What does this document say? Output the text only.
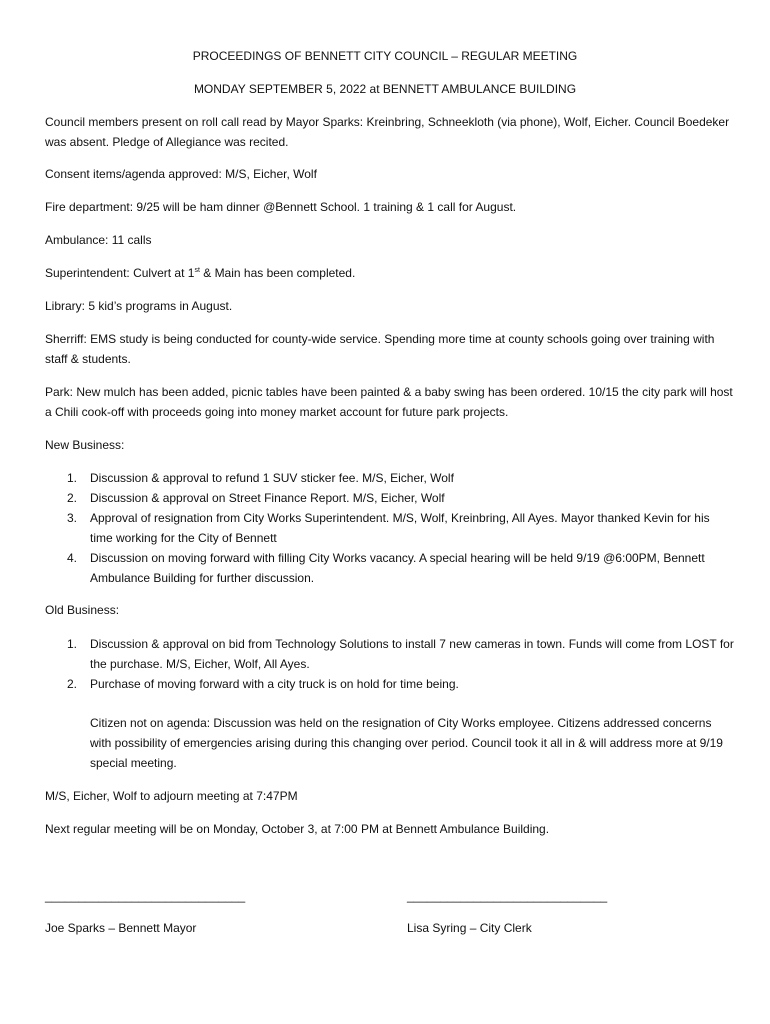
PROCEEDINGS OF BENNETT CITY COUNCIL – REGULAR MEETING
MONDAY SEPTEMBER 5, 2022 at BENNETT AMBULANCE BUILDING
Council members present on roll call read by Mayor Sparks: Kreinbring, Schneekloth (via phone), Wolf, Eicher. Council Boedeker was absent. Pledge of Allegiance was recited.
Consent items/agenda approved: M/S, Eicher, Wolf
Fire department: 9/25 will be ham dinner @Bennett School. 1 training & 1 call for August.
Ambulance: 11 calls
Superintendent: Culvert at 1st & Main has been completed.
Library: 5 kid’s programs in August.
Sherriff: EMS study is being conducted for county-wide service. Spending more time at county schools going over training with staff & students.
Park: New mulch has been added, picnic tables have been painted & a baby swing has been ordered. 10/15 the city park will host a Chili cook-off with proceeds going into money market account for future park projects.
New Business:
1. Discussion & approval to refund 1 SUV sticker fee. M/S, Eicher, Wolf
2. Discussion & approval on Street Finance Report. M/S, Eicher, Wolf
3. Approval of resignation from City Works Superintendent. M/S, Wolf, Kreinbring, All Ayes. Mayor thanked Kevin for his time working for the City of Bennett
4. Discussion on moving forward with filling City Works vacancy. A special hearing will be held 9/19 @6:00PM, Bennett Ambulance Building for further discussion.
Old Business:
1. Discussion & approval on bid from Technology Solutions to install 7 new cameras in town. Funds will come from LOST for the purchase. M/S, Eicher, Wolf, All Ayes.
2. Purchase of moving forward with a city truck is on hold for time being.
Citizen not on agenda: Discussion was held on the resignation of City Works employee. Citizens addressed concerns with possibility of emergencies arising during this changing over period. Council took it all in & will address more at 9/19 special meeting.
M/S, Eicher, Wolf to adjourn meeting at 7:47PM
Next regular meeting will be on Monday, October 3, at 7:00 PM at Bennett Ambulance Building.
______________________________	______________________________
Joe Sparks – Bennett Mayor	Lisa Syring – City Clerk
